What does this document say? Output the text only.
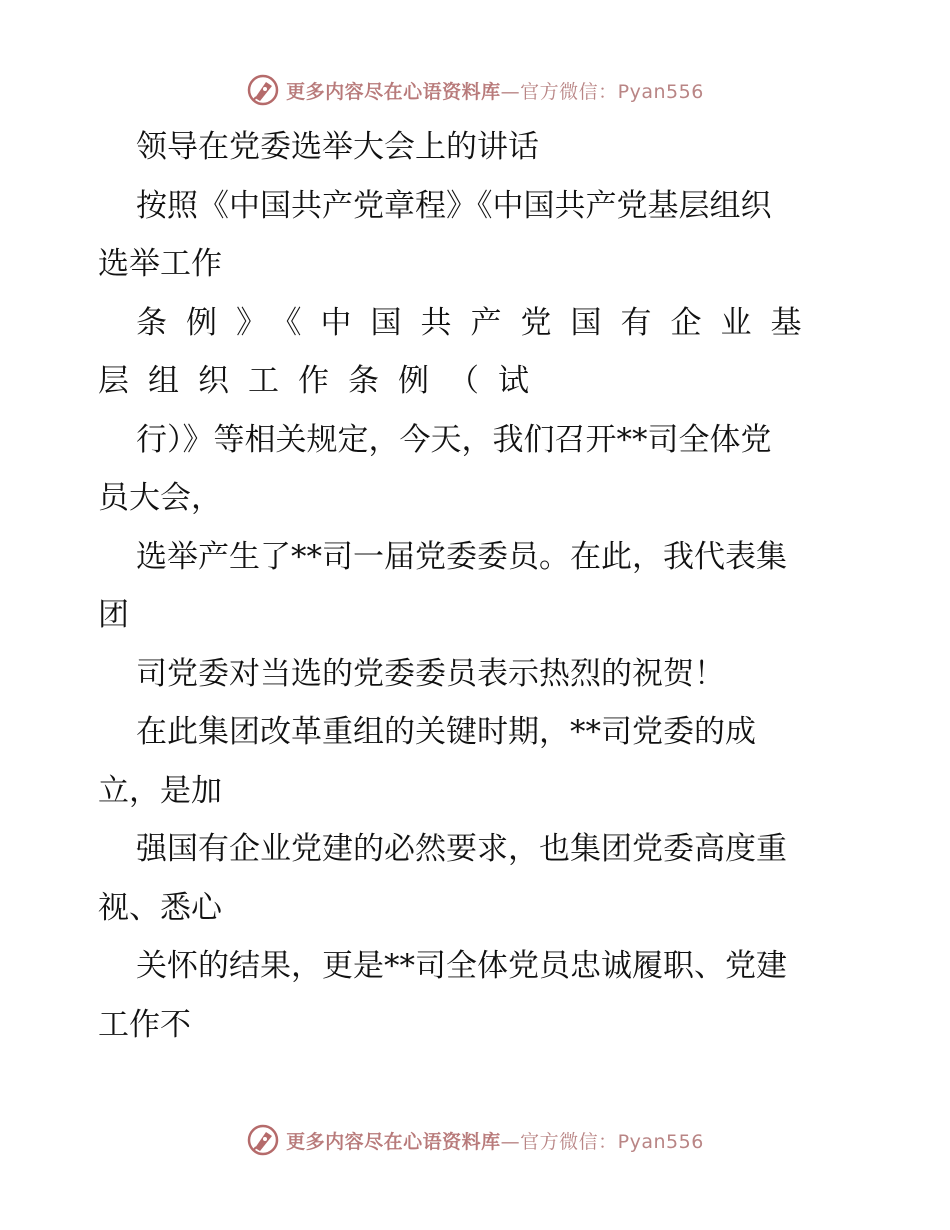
更多内容尽在心语资料库—官方微信：Pyan556
领导在党委选举大会上的讲话
按照《中国共产党章程》《中国共产党基层组织
选举工作
条例》《中国共产党国有企业基
层组织工作条例（试
行）》等相关规定，今天，我们召开**司全体党
员大会，
选举产生了**司一届党委委员。在此，我代表集
团
司党委对当选的党委委员表示热烈的祝贺！
在此集团改革重组的关键时期，**司党委的成
立，是加
强国有企业党建的必然要求，也集团党委高度重
视、悉心
关怀的结果，更是**司全体党员忠诚履职、党建
工作不
更多内容尽在心语资料库—官方微信：Pyan556
